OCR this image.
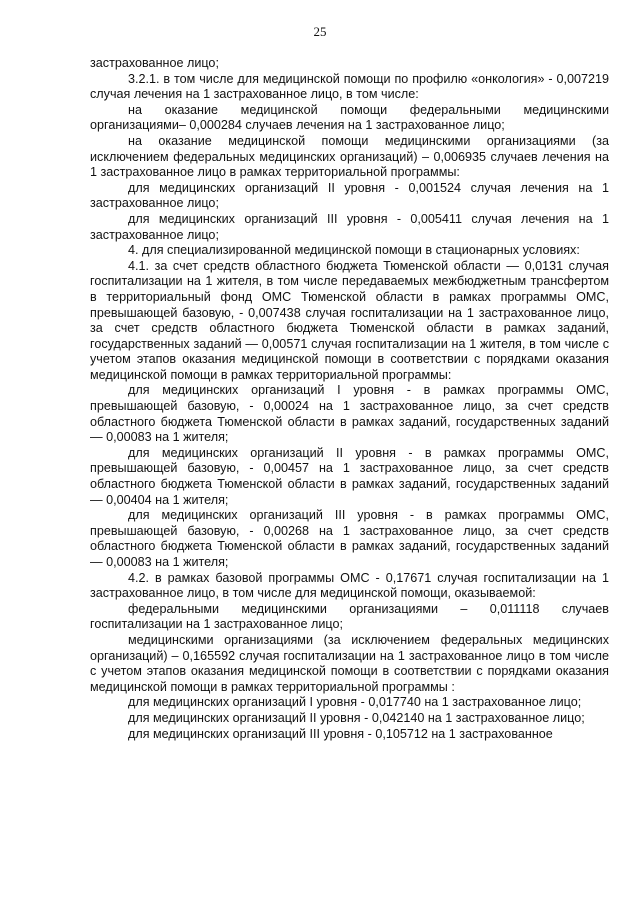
25

застрахованное лицо;

3.2.1. в том числе для медицинской помощи по профилю «онкология» - 0,007219 случая лечения на 1 застрахованное лицо, в том числе:

на оказание медицинской помощи федеральными медицинскими организациями– 0,000284 случаев лечения на 1 застрахованное лицо;

на оказание медицинской помощи медицинскими организациями (за исключением федеральных медицинских организаций) – 0,006935 случаев лечения на 1 застрахованное лицо в рамках территориальной программы:

для медицинских организаций II уровня - 0,001524 случая лечения на 1 застрахованное лицо;

для медицинских организаций III уровня - 0,005411 случая лечения на 1 застрахованное лицо;

4. для специализированной медицинской помощи в стационарных условиях:

4.1. за счет средств областного бюджета Тюменской области — 0,0131 случая госпитализации на 1 жителя, в том числе передаваемых межбюджетным трансфертом в территориальный фонд ОМС Тюменской области в рамках программы ОМС, превышающей базовую, - 0,007438 случая госпитализации на 1 застрахованное лицо, за счет средств областного бюджета Тюменской области в рамках заданий, государственных заданий — 0,00571 случая госпитализации на 1 жителя, в том числе с учетом этапов оказания медицинской помощи в соответствии с порядками оказания медицинской помощи в рамках территориальной программы:

для медицинских организаций I уровня - в рамках программы ОМС, превышающей базовую, - 0,00024 на 1 застрахованное лицо, за счет средств областного бюджета Тюменской области в рамках заданий, государственных заданий — 0,00083 на 1 жителя;

для медицинских организаций II уровня - в рамках программы ОМС, превышающей базовую, - 0,00457 на 1 застрахованное лицо, за счет средств областного бюджета Тюменской области в рамках заданий, государственных заданий — 0,00404 на 1 жителя;

для медицинских организаций III уровня - в рамках программы ОМС, превышающей базовую, - 0,00268 на 1 застрахованное лицо, за счет средств областного бюджета Тюменской области в рамках заданий, государственных заданий — 0,00083 на 1 жителя;

4.2. в рамках базовой программы ОМС - 0,17671 случая госпитализации на 1 застрахованное лицо, в том числе для медицинской помощи, оказываемой:

федеральными медицинскими организациями – 0,011118 случаев госпитализации на 1 застрахованное лицо;

медицинскими организациями (за исключением федеральных медицинских организаций) – 0,165592 случая госпитализации на 1 застрахованное лицо в том числе с учетом этапов оказания медицинской помощи в соответствии с порядками оказания медицинской помощи в рамках территориальной программы :

для медицинских организаций I уровня - 0,017740 на 1 застрахованное лицо;

для медицинских организаций II уровня - 0,042140 на 1 застрахованное лицо;

для медицинских организаций III уровня - 0,105712 на 1 застрахованное
